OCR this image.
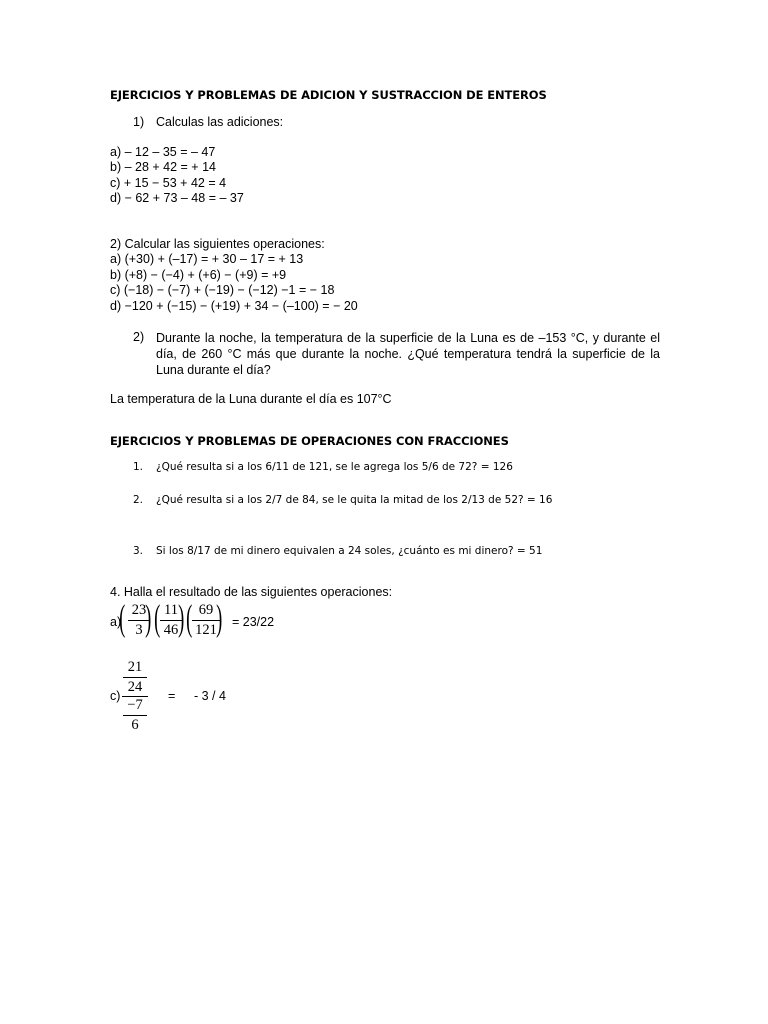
EJERCICIOS Y PROBLEMAS DE ADICION Y SUSTRACCION DE ENTEROS
1) Calculas las adiciones:
a) – 12 – 35 = – 47
b) – 28 + 42 = + 14
c) + 15 − 53 + 42 = 4
d) − 62 + 73 – 48 = – 37
2) Calcular las siguientes operaciones:
a) (+30) + (–17) = + 30 – 17 = + 13
b) (+8) − (−4) + (+6) − (+9) = +9
c) (−18) − (−7) + (−19) − (−12) −1 = − 18
d) −120 + (−15) − (+19) + 34 − (–100) = − 20
2) Durante la noche, la temperatura de la superficie de la Luna es de –153 °C, y durante el día, de 260 °C más que durante la noche. ¿Qué temperatura tendrá la superficie de la Luna durante el día?
La temperatura de la Luna durante el día es 107°C
EJERCICIOS Y PROBLEMAS DE OPERACIONES CON FRACCIONES
1. ¿Qué resulta si a los 6/11 de 121, se le agrega los 5/6 de 72? = 126
2. ¿Qué resulta si a los 2/7 de 84, se le quita la mitad de los 2/13 de 52? = 16
3. Si los 8/17 de mi dinero equivalen a 24 soles, ¿cuánto es mi dinero? = 51
4. Halla el resultado de las siguientes operaciones:
a)
( 23
3 ) ( 11
46 ) ( 69
121 ) = 23/22
c)
21
24
−7
6
= - 3 / 4
